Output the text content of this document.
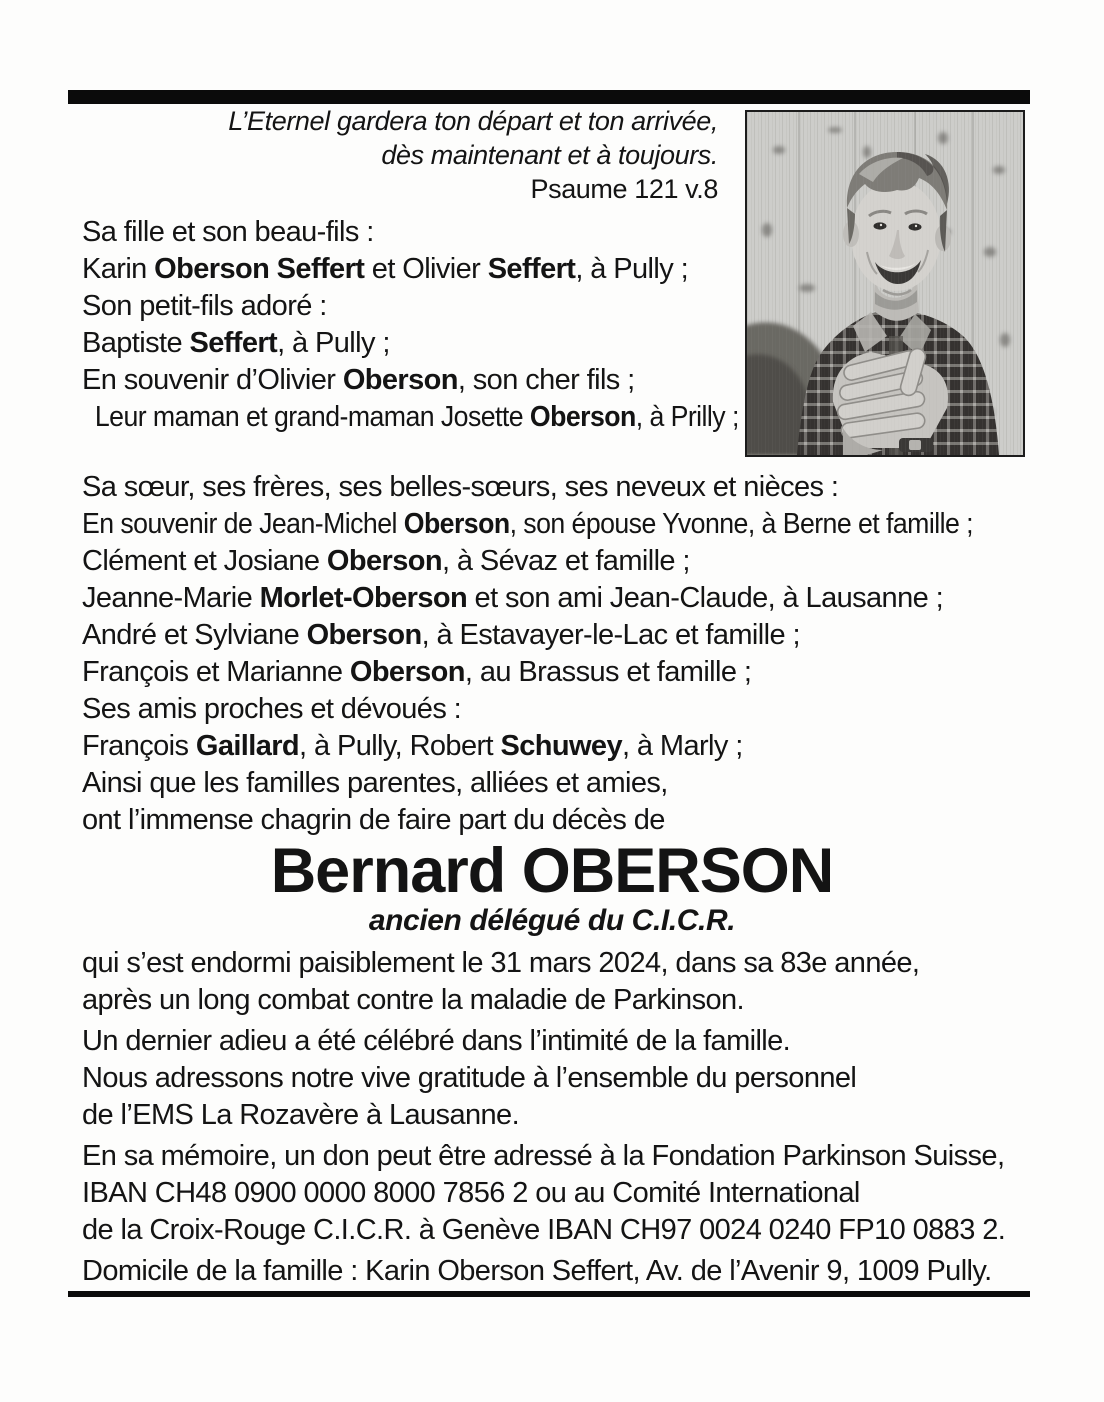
L’Eternel gardera ton départ et ton arrivée,
dès maintenant et à toujours.
Psaume 121 v.8
Sa fille et son beau-fils :
Karin Oberson Seffert et Olivier Seffert, à Pully ;
Son petit-fils adoré :
Baptiste Seffert, à Pully ;
En souvenir d’Olivier Oberson, son cher fils ;
Leur maman et grand-maman Josette Oberson, à Prilly ;
Sa sœur, ses frères, ses belles-sœurs, ses neveux et nièces :
En souvenir de Jean-Michel Oberson, son épouse Yvonne, à Berne et famille ;
Clément et Josiane Oberson, à Sévaz et famille ;
Jeanne-Marie Morlet-Oberson et son ami Jean-Claude, à Lausanne ;
André et Sylviane Oberson, à Estavayer-le-Lac et famille ;
François et Marianne Oberson, au Brassus et famille ;
Ses amis proches et dévoués :
François Gaillard, à Pully, Robert Schuwey, à Marly ;
Ainsi que les familles parentes, alliées et amies,
ont l’immense chagrin de faire part du décès de
Bernard OBERSON
ancien délégué du C.I.C.R.
qui s’est endormi paisiblement le 31 mars 2024, dans sa 83e année,
après un long combat contre la maladie de Parkinson.
Un dernier adieu a été célébré dans l’intimité de la famille.
Nous adressons notre vive gratitude à l’ensemble du personnel
de l’EMS La Rozavère à Lausanne.
En sa mémoire, un don peut être adressé à la Fondation Parkinson Suisse,
IBAN CH48 0900 0000 8000 7856 2 ou au Comité International
de la Croix-Rouge C.I.C.R. à Genève IBAN CH97 0024 0240 FP10 0883 2.
Domicile de la famille : Karin Oberson Seffert, Av. de l’Avenir 9, 1009 Pully.
